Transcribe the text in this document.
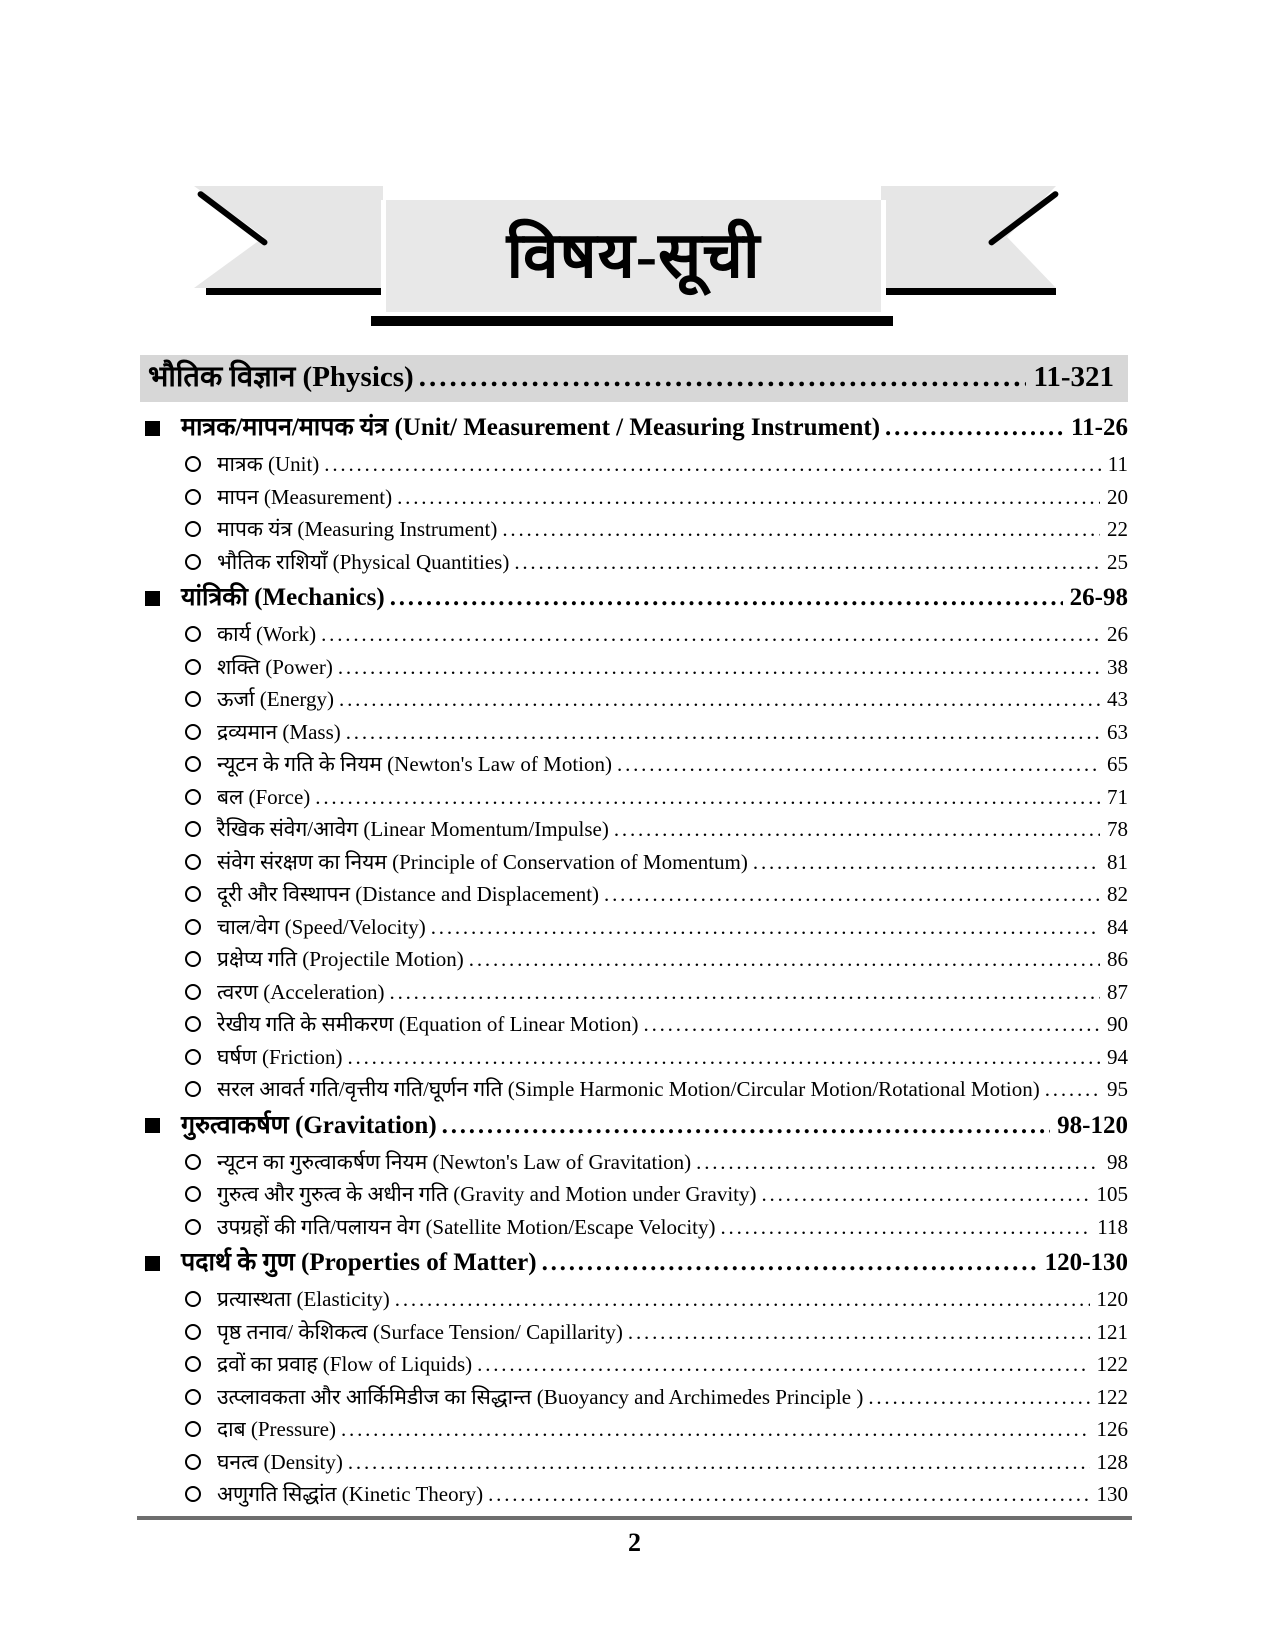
विषय-सूची
भौतिक विज्ञान (Physics) .....	11-321
मात्रक/मापन/मापक यंत्र (Unit/ Measurement / Measuring Instrument) .....	11-26
मात्रक (Unit) .....	11
मापन (Measurement) .....	20
मापक यंत्र (Measuring Instrument) .....	22
भौतिक राशियाँ (Physical Quantities) .....	25
यांत्रिकी (Mechanics) .....	26-98
कार्य (Work) .....	26
शक्ति (Power) .....	38
ऊर्जा (Energy) .....	43
द्रव्यमान (Mass) .....	63
न्यूटन के गति के नियम (Newton's Law of Motion) .....	65
बल (Force) .....	71
रैखिक संवेग/आवेग (Linear Momentum/Impulse) .....	78
संवेग संरक्षण का नियम (Principle of Conservation of Momentum) .....	81
दूरी और विस्थापन (Distance and Displacement) .....	82
चाल/वेग (Speed/Velocity) .....	84
प्रक्षेप्य गति (Projectile Motion) .....	86
त्वरण (Acceleration) .....	87
रेखीय गति के समीकरण (Equation of Linear Motion) .....	90
घर्षण (Friction) .....	94
सरल आवर्त गति/वृत्तीय गति/घूर्णन गति (Simple Harmonic Motion/Circular Motion/Rotational Motion) .....	95
गुरुत्वाकर्षण (Gravitation) .....	98-120
न्यूटन का गुरुत्वाकर्षण नियम (Newton's Law of Gravitation) .....	98
गुरुत्व और गुरुत्व के अधीन गति (Gravity and Motion under Gravity) .....	105
उपग्रहों की गति/पलायन वेग (Satellite Motion/Escape Velocity) .....	118
पदार्थ के गुण (Properties of Matter) .....	120-130
प्रत्यास्थता (Elasticity) .....	120
पृष्ठ तनाव/ केशिकत्व (Surface Tension/ Capillarity) .....	121
द्रवों का प्रवाह (Flow of Liquids) .....	122
उत्प्लावकता और आर्किमिडीज का सिद्धान्त (Buoyancy and Archimedes Principle ) .....	122
दाब (Pressure) .....	126
घनत्व (Density) .....	128
अणुगति सिद्धांत (Kinetic Theory) .....	130
2
